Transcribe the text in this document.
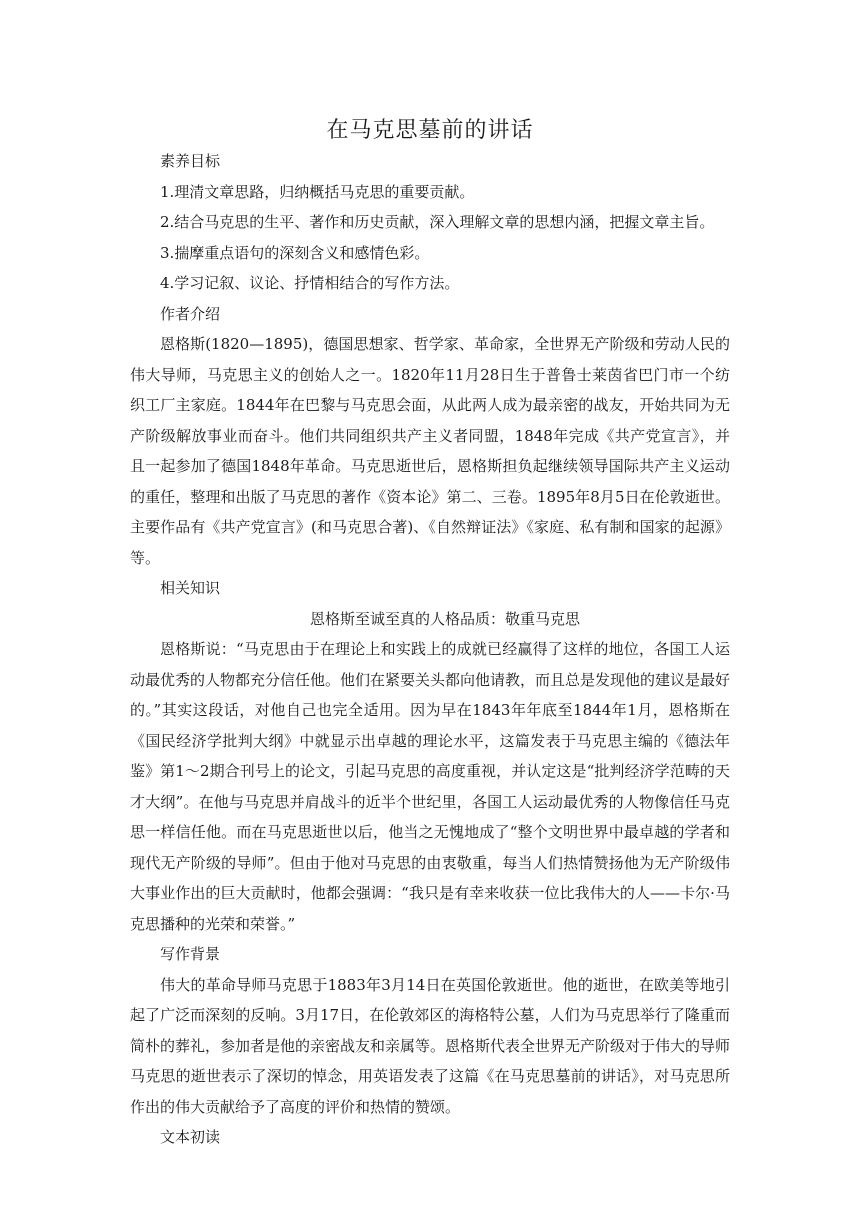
在马克思墓前的讲话

素养目标

1.理清文章思路，归纳概括马克思的重要贡献。

2.结合马克思的生平、著作和历史贡献，深入理解文章的思想内涵，把握文章主旨。

3.揣摩重点语句的深刻含义和感情色彩。

4.学习记叙、议论、抒情相结合的写作方法。

作者介绍

恩格斯(1820—1895)，德国思想家、哲学家、革命家，全世界无产阶级和劳动人民的伟大导师，马克思主义的创始人之一。1820年11月28日生于普鲁士莱茵省巴门市一个纺织工厂主家庭。1844年在巴黎与马克思会面，从此两人成为最亲密的战友，开始共同为无产阶级解放事业而奋斗。他们共同组织共产主义者同盟，1848年完成《共产党宣言》，并且一起参加了德国1848年革命。马克思逝世后，恩格斯担负起继续领导国际共产主义运动的重任，整理和出版了马克思的著作《资本论》第二、三卷。1895年8月5日在伦敦逝世。主要作品有《共产党宣言》(和马克思合著)、《自然辩证法》《家庭、私有制和国家的起源》等。

相关知识

恩格斯至诚至真的人格品质：敬重马克思

恩格斯说：“马克思由于在理论上和实践上的成就已经赢得了这样的地位，各国工人运动最优秀的人物都充分信任他。他们在紧要关头都向他请教，而且总是发现他的建议是最好的。”其实这段话，对他自己也完全适用。因为早在1843年年底至1844年1月，恩格斯在《国民经济学批判大纲》中就显示出卓越的理论水平，这篇发表于马克思主编的《德法年鉴》第1～2期合刊号上的论文，引起马克思的高度重视，并认定这是“批判经济学范畴的天才大纲”。在他与马克思并肩战斗的近半个世纪里，各国工人运动最优秀的人物像信任马克思一样信任他。而在马克思逝世以后，他当之无愧地成了“整个文明世界中最卓越的学者和现代无产阶级的导师”。但由于他对马克思的由衷敬重，每当人们热情赞扬他为无产阶级伟大事业作出的巨大贡献时，他都会强调：“我只是有幸来收获一位比我伟大的人——卡尔·马克思播种的光荣和荣誉。”

写作背景

伟大的革命导师马克思于1883年3月14日在英国伦敦逝世。他的逝世，在欧美等地引起了广泛而深刻的反响。3月17日，在伦敦郊区的海格特公墓，人们为马克思举行了隆重而简朴的葬礼，参加者是他的亲密战友和亲属等。恩格斯代表全世界无产阶级对于伟大的导师马克思的逝世表示了深切的悼念，用英语发表了这篇《在马克思墓前的讲话》，对马克思所作出的伟大贡献给予了高度的评价和热情的赞颂。

文本初读
